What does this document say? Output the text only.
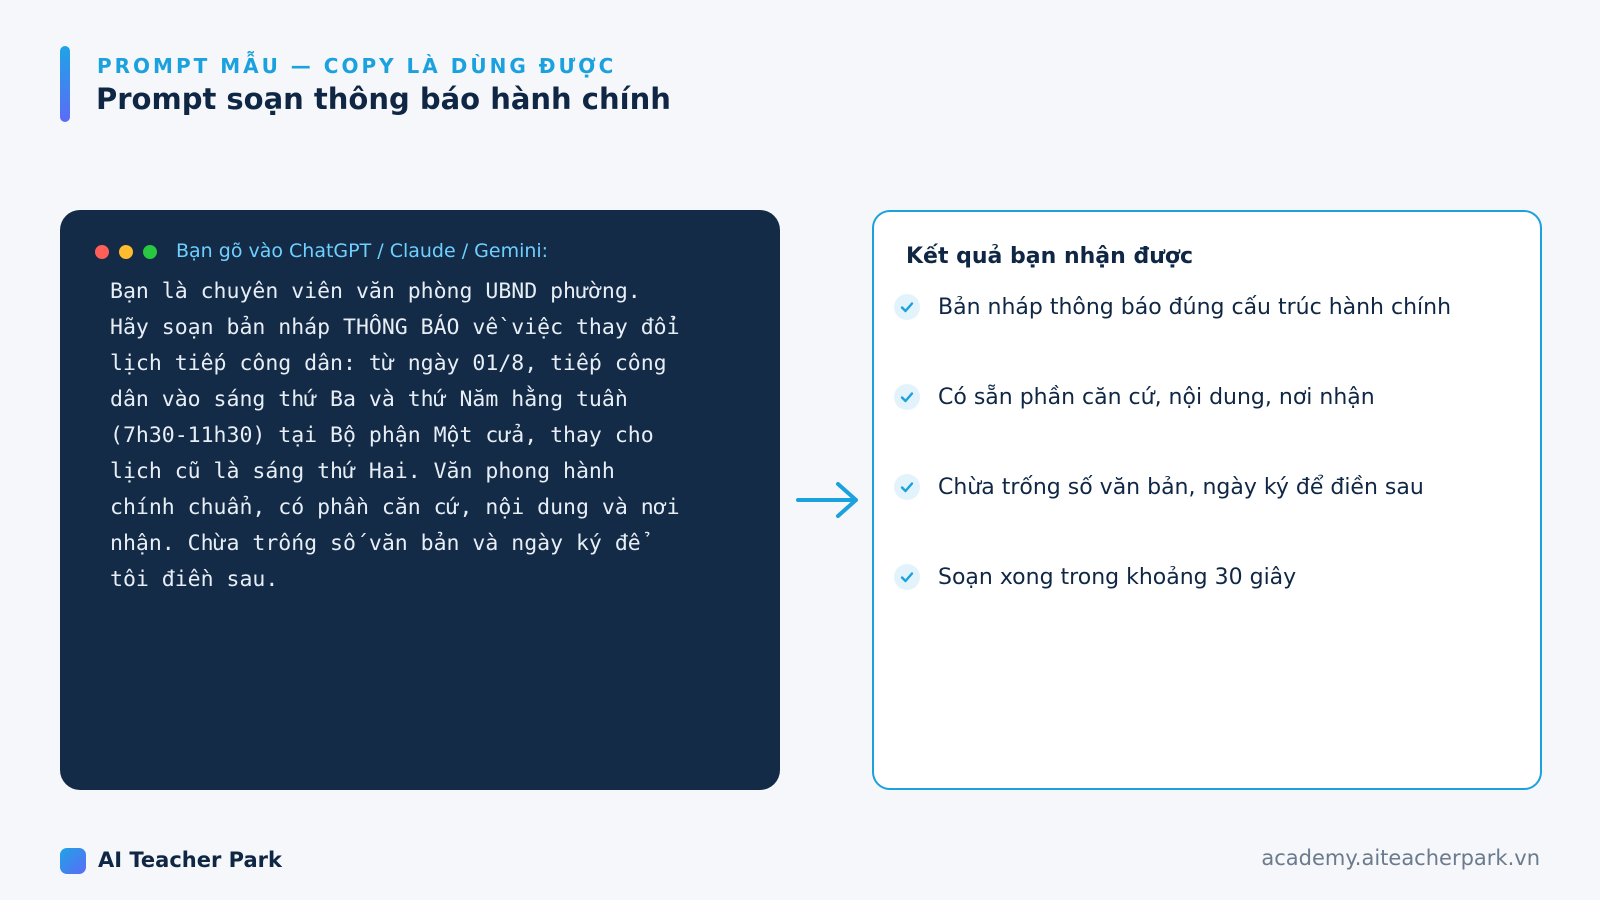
PROMPT MẪU — COPY LÀ DÙNG ĐƯỢC
Prompt soạn thông báo hành chính
Bạn gõ vào ChatGPT / Claude / Gemini:
Bạn là chuyên viên văn phòng UBND phường.
Hãy soạn bản nháp THÔNG BÁO về việc thay đổi
lịch tiếp công dân: từ ngày 01/8, tiếp công
dân vào sáng thứ Ba và thứ Năm hằng tuần
(7h30-11h30) tại Bộ phận Một cửa, thay cho
lịch cũ là sáng thứ Hai. Văn phong hành
chính chuẩn, có phần căn cứ, nội dung và nơi
nhận. Chừa trống số văn bản và ngày ký để
tôi điền sau.
Kết quả bạn nhận được
Bản nháp thông báo đúng cấu trúc hành chính
Có sẵn phần căn cứ, nội dung, nơi nhận
Chừa trống số văn bản, ngày ký để điền sau
Soạn xong trong khoảng 30 giây
AI Teacher Park	academy.aiteacherpark.vn
